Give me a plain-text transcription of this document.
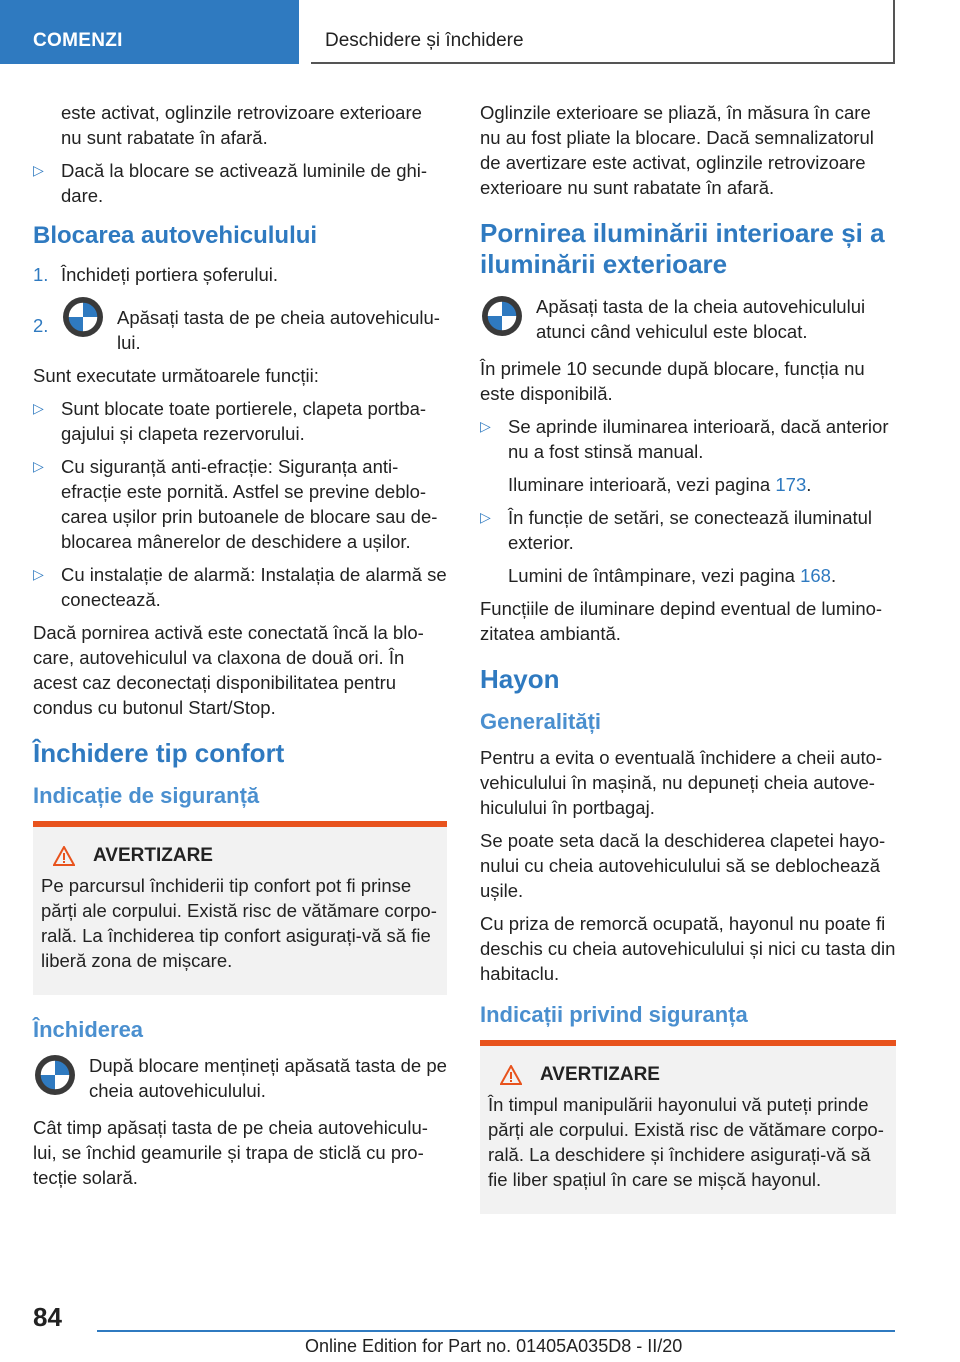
COMENZI	Deschidere și închidere

este activat, oglinzile retrovizoare exterioare nu sunt rabatate în afară.

▷ Dacă la blocare se activează luminile de ghi‐dare.

Blocarea autovehiculului

1. Închideți portiera șoferului.

2.	Apăsați tasta de pe cheia autovehiculu‐lui.

Sunt executate următoarele funcții:

▷ Sunt blocate toate portierele, clapeta portba‐gajului și clapeta rezervorului.

▷ Cu siguranță anti-efracție: Siguranța anti-efracție este pornită. Astfel se previne deblo‐carea ușilor prin butoanele de blocare sau de‐blocarea mânerelor de deschidere a ușilor.

▷ Cu instalație de alarmă: Instalația de alarmă se conectează.

Dacă pornirea activă este conectată încă la blo‐care, autovehiculul va claxona de două ori. În acest caz deconectați disponibilitatea pentru condus cu butonul Start/Stop.

Închidere tip confort
Indicație de siguranță
AVERTIZARE

Pe parcursul închiderii tip confort pot fi prinse părți ale corpului. Există risc de vătămare corpo‐rală. La închiderea tip confort asigurați-vă să fie liberă zona de mișcare.

Închiderea
După blocare mențineți apăsată tasta de pe cheia autovehiculului.

Cât timp apăsați tasta de pe cheia autovehiculu‐lui, se închid geamurile și trapa de sticlă cu pro‐tecție solară.

Oglinzile exterioare se pliază, în măsura în care nu au fost pliate la blocare. Dacă semnalizatorul de avertizare este activat, oglinzile retrovizoare exterioare nu sunt rabatate în afară.

Pornirea iluminării interioare și a iluminării exterioare
Apăsați tasta de la cheia autovehiculului atunci când vehiculul este blocat.

În primele 10 secunde după blocare, funcția nu este disponibilă.

▷ Se aprinde iluminarea interioară, dacă anterior nu a fost stinsă manual.

Iluminare interioară, vezi pagina 173.

▷ În funcție de setări, se conectează iluminatul exterior.

Lumini de întâmpinare, vezi pagina 168.

Funcțiile de iluminare depind eventual de lumino‐zitatea ambiantă.

Hayon
Generalități

Pentru a evita o eventuală închidere a cheii auto‐vehiculului în mașină, nu depuneți cheia autove‐hiculului în portbagaj.

Se poate seta dacă la deschiderea clapetei hayo‐nului cu cheia autovehiculului să se deblochează ușile.

Cu priza de remorcă ocupată, hayonul nu poate fi deschis cu cheia autovehiculului și nici cu tasta din habitaclu.

Indicații privind siguranța
AVERTIZARE

În timpul manipulării hayonului vă puteți prinde părți ale corpului. Există risc de vătămare corpo‐rală. La deschidere și închidere asigurați-vă să fie liber spațiul în care se mișcă hayonul.

84
Online Edition for Part no. 01405A035D8 - II/20
